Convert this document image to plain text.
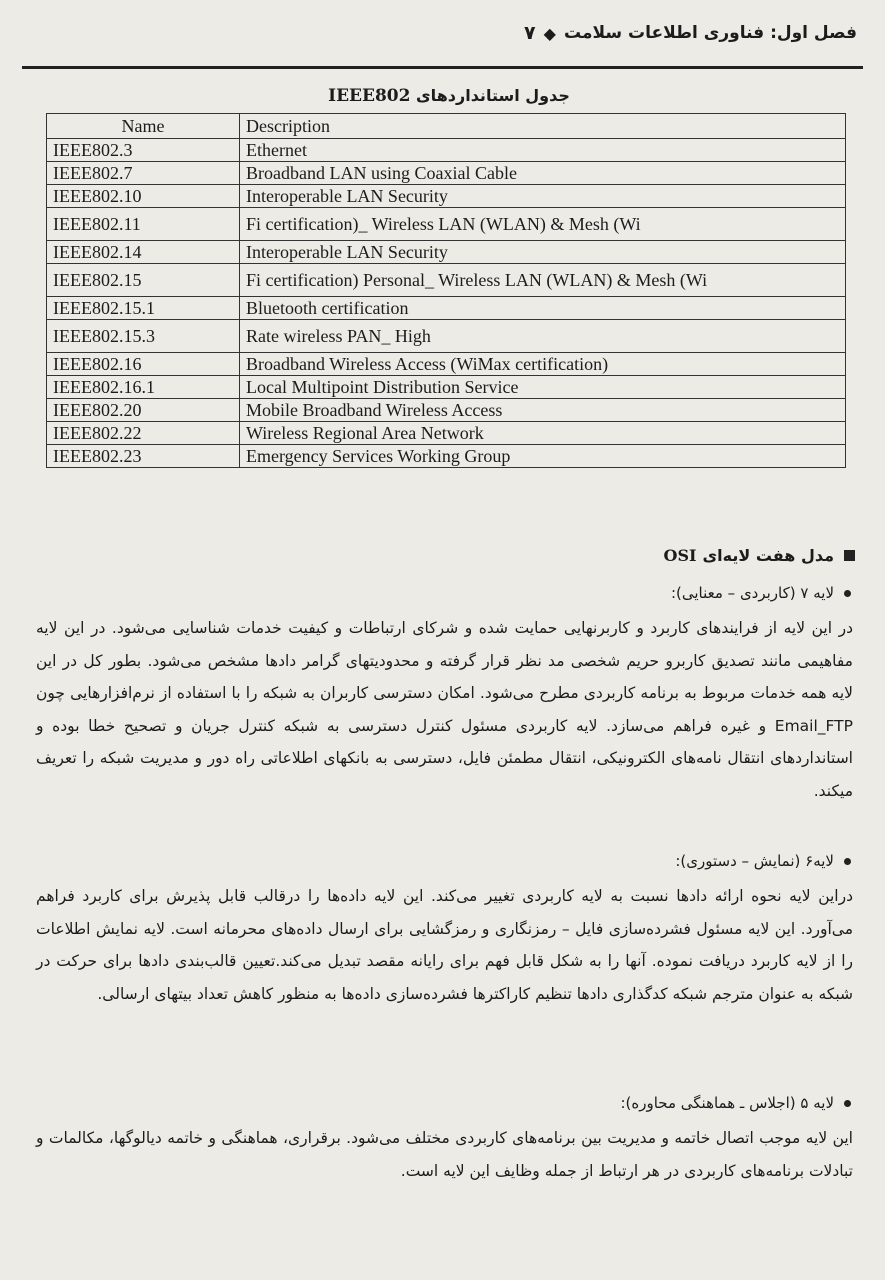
فصل اول: فناوری اطلاعات سلامت
◆
۷
جدول استانداردهای IEEE802
Name	Description
IEEE802.3	Ethernet
IEEE802.7	Broadband LAN using Coaxial Cable
IEEE802.10	Interoperable LAN Security
IEEE802.11	Fi certification)_ Wireless LAN (WLAN) & Mesh (Wi
IEEE802.14	Interoperable LAN Security
IEEE802.15	Fi certification) Personal_ Wireless LAN (WLAN) & Mesh (Wi
IEEE802.15.1	Bluetooth certification
IEEE802.15.3	Rate wireless PAN_ High
IEEE802.16	Broadband Wireless Access (WiMax certification)
IEEE802.16.1	Local Multipoint Distribution Service
IEEE802.20	Mobile Broadband Wireless Access
IEEE802.22	Wireless Regional Area Network
IEEE802.23	Emergency Services Working Group
مدل هفت لایه‌ای
OSI
لایه ۷ (کاربردی – معنایی):
در این لایه از فرایندهای کاربرد و کاربرنهایی حمایت شده و شرکای ارتباطات و کیفیت خدمات شناسایی می‌شود. در این لایه مفاهیمی مانند تصدیق کاربرو حریم شخصی مد نظر قرار گرفته و محدودیتهای گرامر دادها مشخص می‌شود. بطور کل در این لایه همه خدمات مربوط به برنامه کاربردی مطرح می‌شود. امکان دسترسی کاربران به شبکه را با استفاده از نرم‌افزارهایی چون Email_FTP و غیره فراهم می‌سازد. لایه کاربردی مسئول کنترل دسترسی به شبکه کنترل جریان و تصحیح خطا بوده و استانداردهای انتقال نامه‌های الکترونیکی، انتقال مطمئن فایل، دسترسی به بانکهای اطلاعاتی راه دور و مدیریت شبکه را تعریف میکند.
لایه۶ (نمایش – دستوری):
دراین لایه نحوه ارائه دادها نسبت به لایه کاربردی تغییر می‌کند. این لایه داده‌ها را درقالب قابل پذیرش برای کاربرد فراهم می‌آورد. این لایه مسئول فشرده‌سازی فایل – رمزنگاری و رمزگشایی برای ارسال داده‌های محرمانه است. لایه نمایش اطلاعات را از لایه کاربرد دریافت نموده. آنها را به شکل قابل فهم برای رایانه مقصد تبدیل می‌کند.تعیین قالب‌بندی دادها برای حرکت در شبکه به عنوان مترجم شبکه کدگذاری دادها تنظیم کاراکترها فشرده‌سازی داده‌ها به منظور کاهش تعداد بیتهای ارسالی.
لایه ۵ (اجلاس ـ هماهنگی محاوره):
این لایه موجب اتصال خاتمه و مدیریت بین برنامه‌های کاربردی مختلف می‌شود. برقراری، هماهنگی و خاتمه دیالوگها، مکالمات و تبادلات برنامه‌های کاربردی در هر ارتباط از جمله وظایف این لایه است.
